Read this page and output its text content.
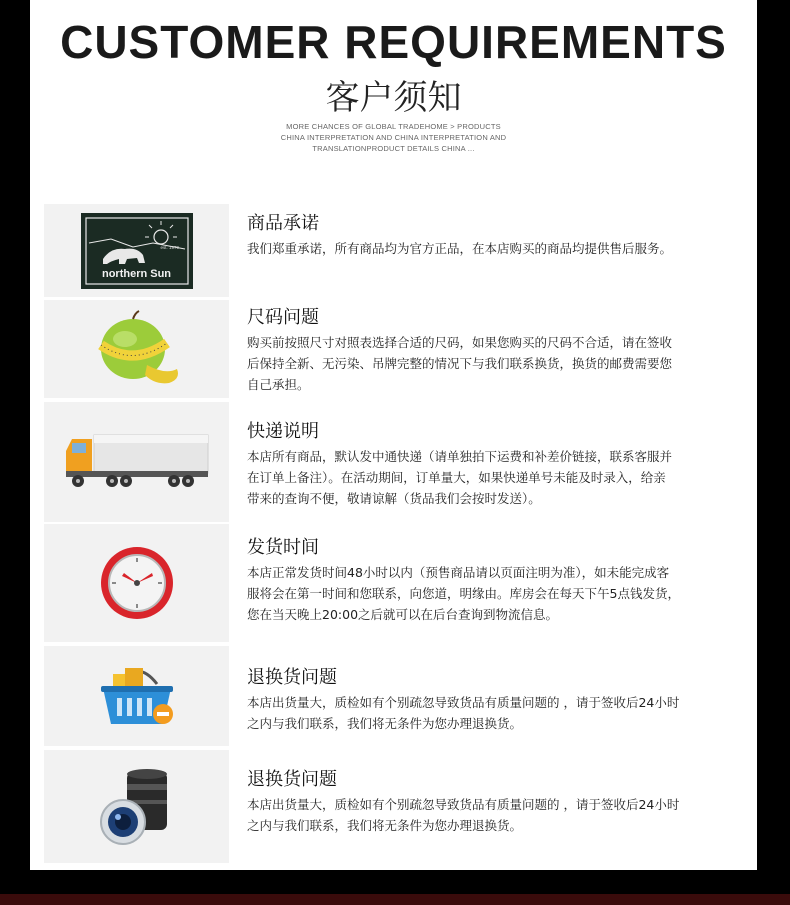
CUSTOMER REQUIREMENTS
客户须知
MORE CHANCES OF GLOBAL TRADEHOME > PRODUCTS
CHINA INTERPRETATION AND CHINA INTERPRETATION AND
TRANSLATIONPRODUCT DETAILS CHINA ...
est. 1979
northern Sun
商品承诺
我们郑重承诺，所有商品均为官方正品，在本店购买的商品均提供售后服务。
尺码问题
购买前按照尺寸对照表选择合适的尺码，如果您购买的尺码不合适，请在签收
后保持全新、无污染、吊牌完整的情况下与我们联系换货，换货的邮费需要您
自己承担。
快递说明
本店所有商品，默认发中通快递（请单独拍下运费和补差价链接，联系客服并
在订单上备注）。在活动期间，订单量大，如果快递单号未能及时录入，给亲
带来的查询不便，敬请谅解（货品我们会按时发送）。
发货时间
本店正常发货时间48小时以内（预售商品请以页面注明为准），如未能完成客
服将会在第一时间和您联系，向您道，明缘由。库房会在每天下午5点钱发货，
您在当天晚上20:00之后就可以在后台查询到物流信息。
退换货问题
本店出货量大，质检如有个别疏忽导致货品有质量问题的 ，请于签收后24小时
之内与我们联系，我们将无条件为您办理退换货。
退换货问题
本店出货量大，质检如有个别疏忽导致货品有质量问题的 ，请于签收后24小时
之内与我们联系，我们将无条件为您办理退换货。
